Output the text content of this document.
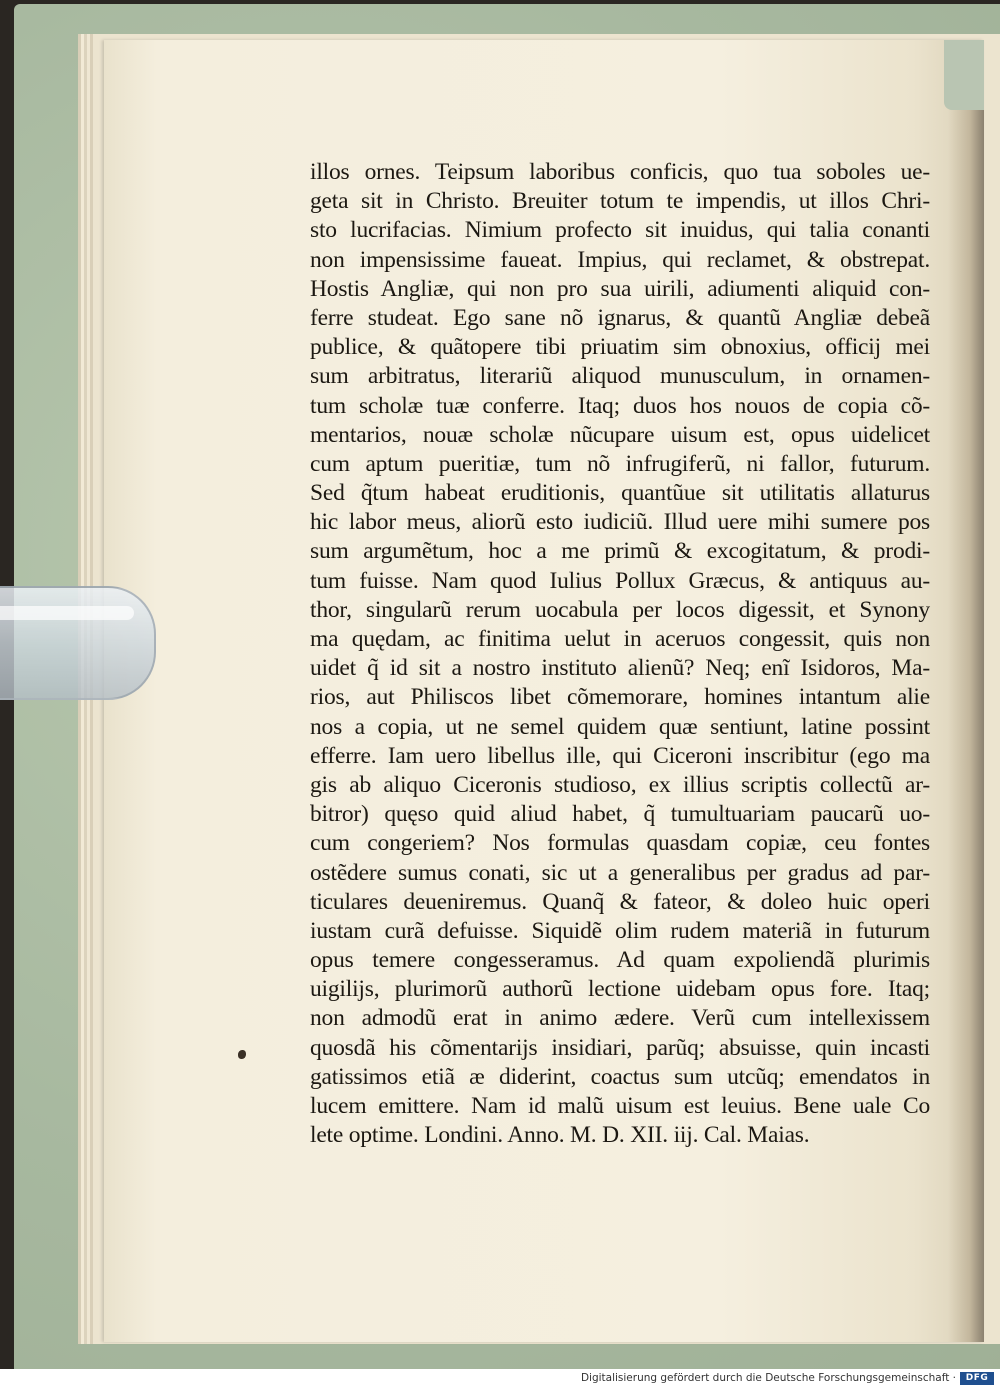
illos ornes. Teipsum laboribus conficis, quo tua soboles ue-
geta sit in Christo. Breuiter totum te impendis, ut illos Chri-
sto lucrifacias. Nimium profecto sit inuidus, qui talia conanti
non impensissime faueat. Impius, qui reclamet, & obstrepat.
Hostis Angliæ, qui non pro sua uirili, adiumenti aliquid con-
ferre studeat. Ego sane nõ ignarus, & quantũ Angliæ debeã
publice, & quãtopere tibi priuatim sim obnoxius, officij mei
sum arbitratus, literariũ aliquod munusculum, in ornamen-
tum scholæ tuæ conferre. Itaq; duos hos nouos de copia cõ-
mentarios, nouæ scholæ nũcupare uisum est, opus uidelicet
cum aptum pueritiæ, tum nõ infrugiferũ, ni fallor, futurum.
Sed q̃tum habeat eruditionis, quantũue sit utilitatis allaturus
hic labor meus, aliorũ esto iudiciũ. Illud uere mihi sumere pos
sum argumẽtum, hoc a me primũ & excogitatum, & prodi-
tum fuisse. Nam quod Iulius Pollux Græcus, & antiquus au-
thor, singularũ rerum uocabula per locos digessit, et Synony
ma quędam, ac finitima uelut in aceruos congessit, quis non
uidet q̃ id sit a nostro instituto alienũ? Neq; enĩ Isidoros, Ma-
rios, aut Philiscos libet cõmemorare, homines intantum alie
nos a copia, ut ne semel quidem quæ sentiunt, latine possint
efferre. Iam uero libellus ille, qui Ciceroni inscribitur (ego ma
gis ab aliquo Ciceronis studioso, ex illius scriptis collectũ ar-
bitror) quęso quid aliud habet, q̃ tumultuariam paucarũ uo-
cum congeriem? Nos formulas quasdam copiæ, ceu fontes
ostẽdere sumus conati, sic ut a generalibus per gradus ad par-
ticulares deueniremus. Quanq̃ & fateor, & doleo huic operi
iustam curã defuisse. Siquidẽ olim rudem materiã in futurum
opus temere congesseramus. Ad quam expoliendã plurimis
uigilijs, plurimorũ authorũ lectione uidebam opus fore. Itaq;
non admodũ erat in animo ædere. Verũ cum intellexissem
quosdã his cõmentarijs insidiari, parũq; absuisse, quin incasti
gatissimos etiã æ diderint, coactus sum utcũq; emendatos in
lucem emittere. Nam id malũ uisum est leuius. Bene uale Co
lete optime. Londini. Anno. M. D. XII. iij. Cal. Maias.
Digitalisierung gefördert durch die Deutsche Forschungsgemeinschaft ·	DFG
